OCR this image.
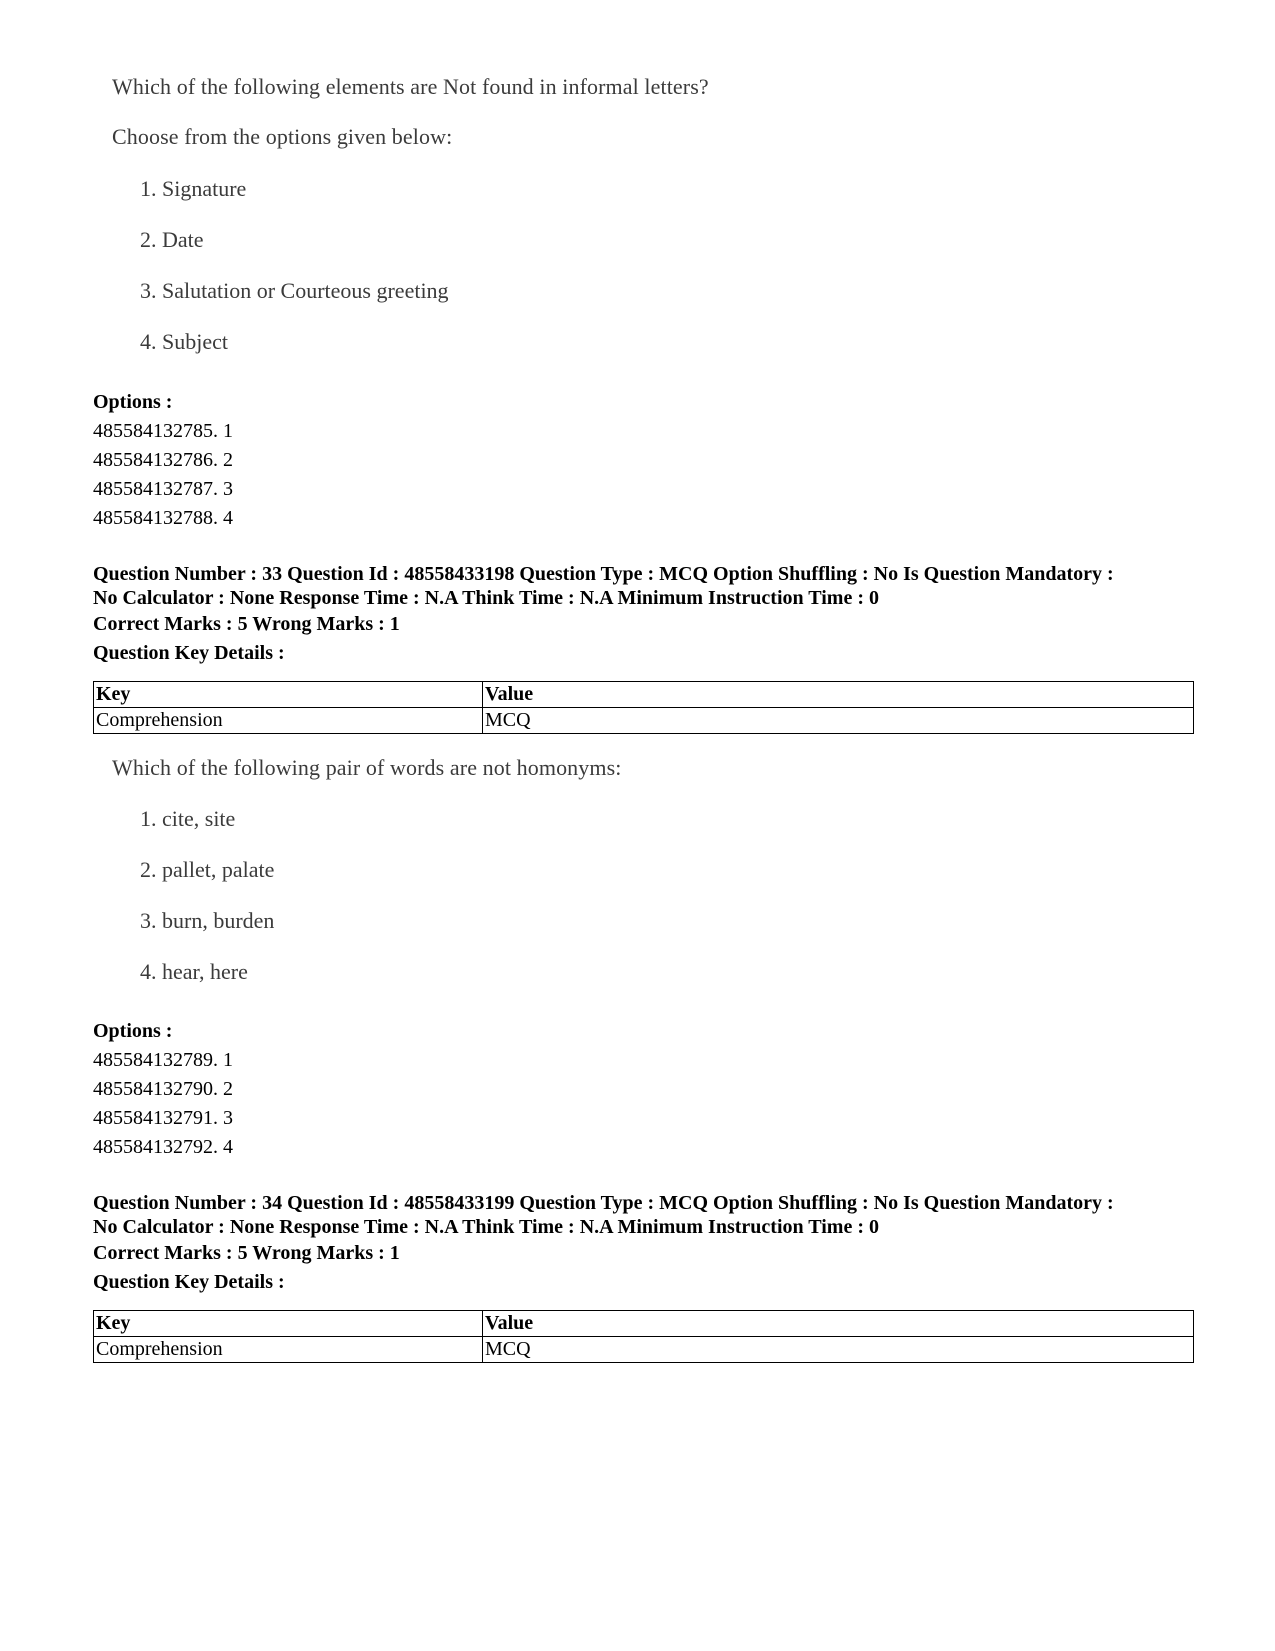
Which of the following elements are Not found in informal letters?
Choose from the options given below:
1. Signature
2. Date
3. Salutation or Courteous greeting
4. Subject
Options :
485584132785. 1
485584132786. 2
485584132787. 3
485584132788. 4
Question Number : 33 Question Id : 48558433198 Question Type : MCQ Option Shuffling : No Is Question Mandatory :
No Calculator : None Response Time : N.A Think Time : N.A Minimum Instruction Time : 0
Correct Marks : 5 Wrong Marks : 1
Question Key Details :
Key	Value
Comprehension	MCQ
Which of the following pair of words are not homonyms:
1. cite, site
2. pallet, palate
3. burn, burden
4. hear, here
Options :
485584132789. 1
485584132790. 2
485584132791. 3
485584132792. 4
Question Number : 34 Question Id : 48558433199 Question Type : MCQ Option Shuffling : No Is Question Mandatory :
No Calculator : None Response Time : N.A Think Time : N.A Minimum Instruction Time : 0
Correct Marks : 5 Wrong Marks : 1
Question Key Details :
Key	Value
Comprehension	MCQ
